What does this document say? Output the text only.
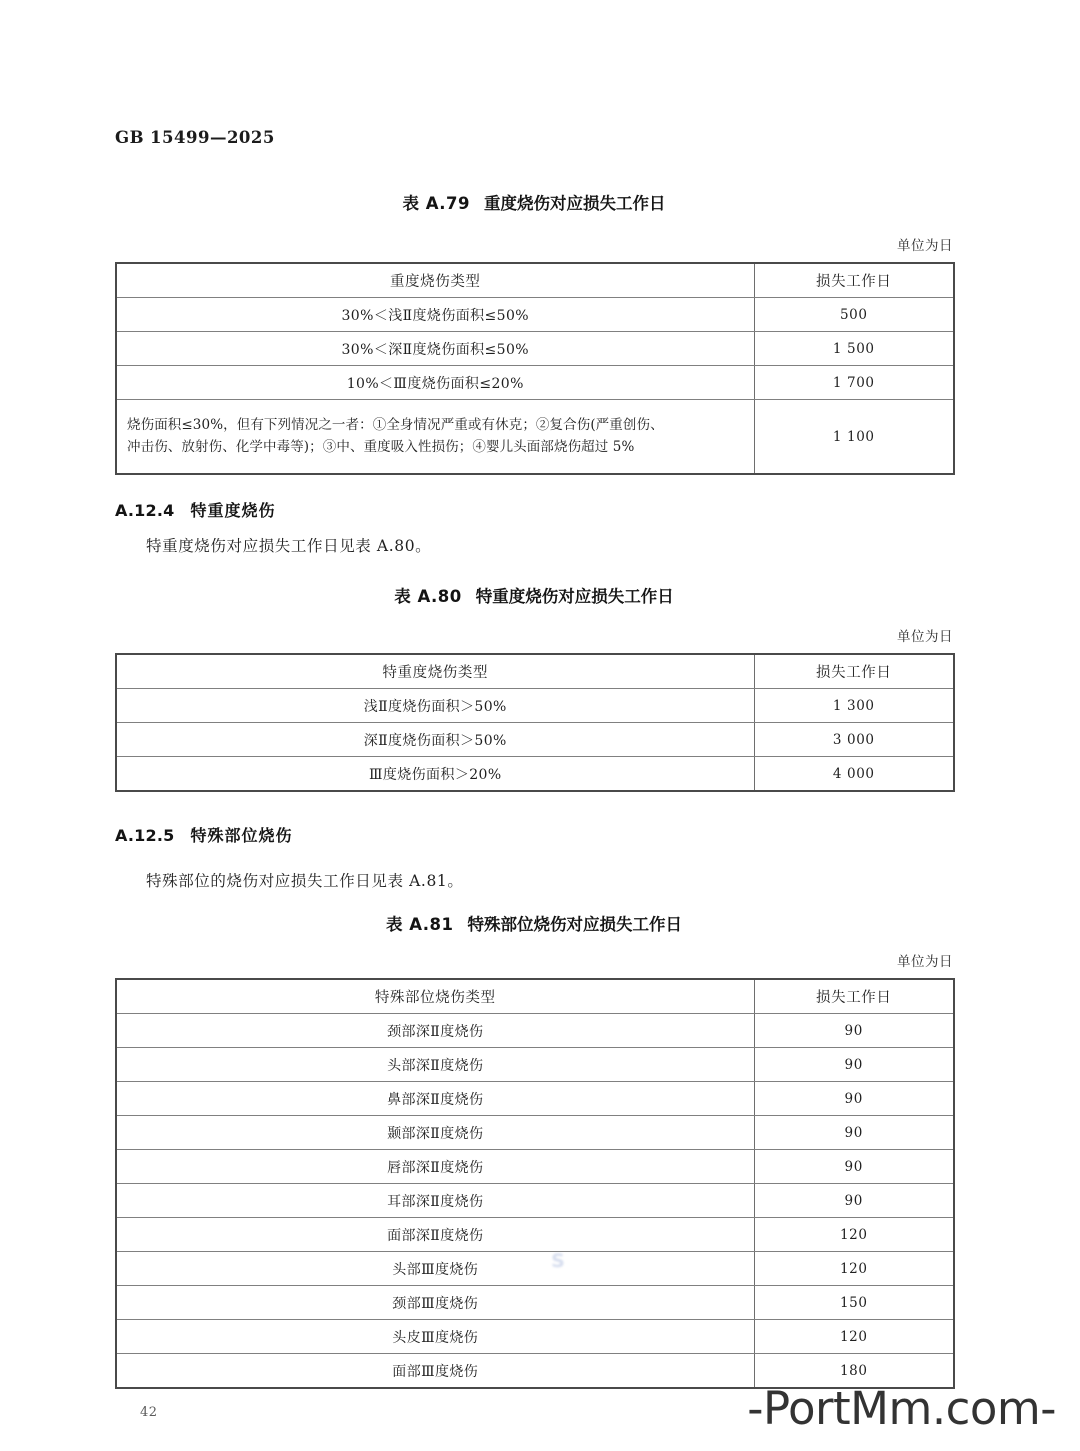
GB 15499—2025
表 A.79 重度烧伤对应损失工作日
单位为日
重度烧伤类型	损失工作日
30%＜浅Ⅱ度烧伤面积≤50%	500
30%＜深Ⅱ度烧伤面积≤50%	1 500
10%＜Ⅲ度烧伤面积≤20%	1 700

烧伤面积≤30%，但有下列情况之一者：①全身情况严重或有休克；②复合伤(严重创伤、
冲击伤、放射伤、化学中毒等)；③中、重度吸入性损伤；④婴儿头面部烧伤超过 5%	1 100
A.12.4 特重度烧伤
特重度烧伤对应损失工作日见表 A.80。
表 A.80 特重度烧伤对应损失工作日
单位为日
特重度烧伤类型	损失工作日
浅Ⅱ度烧伤面积＞50%	1 300
深Ⅱ度烧伤面积＞50%	3 000
Ⅲ度烧伤面积＞20%	4 000
A.12.5 特殊部位烧伤
特殊部位的烧伤对应损失工作日见表 A.81。
表 A.81 特殊部位烧伤对应损失工作日
单位为日
特殊部位烧伤类型	损失工作日
颈部深Ⅱ度烧伤	90
头部深Ⅱ度烧伤	90
鼻部深Ⅱ度烧伤	90
颞部深Ⅱ度烧伤	90
唇部深Ⅱ度烧伤	90
耳部深Ⅱ度烧伤	90
面部深Ⅱ度烧伤	120
头部Ⅲ度烧伤	120
颈部Ⅲ度烧伤	150
头皮Ⅲ度烧伤	120
面部Ⅲ度烧伤	180
S
42	-PortMm.com-
